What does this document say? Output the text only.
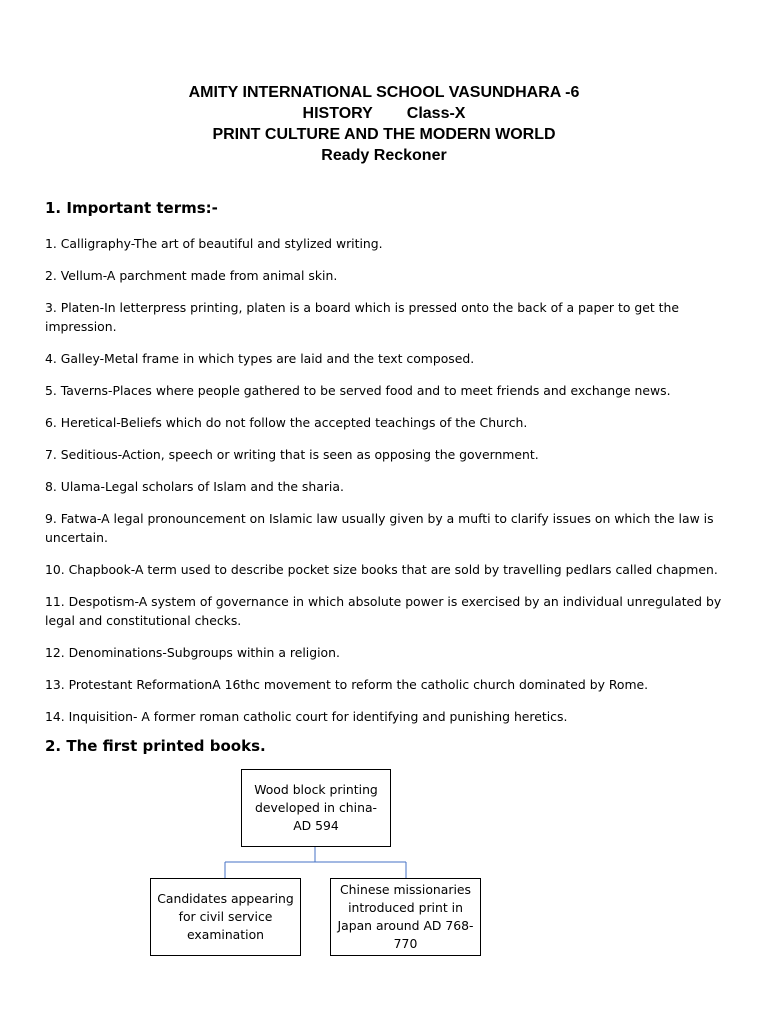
AMITY INTERNATIONAL SCHOOL VASUNDHARA -6
HISTORY Class-X
PRINT CULTURE AND THE MODERN WORLD
Ready Reckoner
1. Important terms:-
1. Calligraphy-The art of beautiful and stylized writing.
2. Vellum-A parchment made from animal skin.
3. Platen-In letterpress printing, platen is a board which is pressed onto the back of a paper to get the impression.
4. Galley-Metal frame in which types are laid and the text composed.
5. Taverns-Places where people gathered to be served food and to meet friends and exchange news.
6. Heretical-Beliefs which do not follow the accepted teachings of the Church.
7. Seditious-Action, speech or writing that is seen as opposing the government.
8. Ulama-Legal scholars of Islam and the sharia.
9. Fatwa-A legal pronouncement on Islamic law usually given by a mufti to clarify issues on which the law is uncertain.
10. Chapbook-A term used to describe pocket size books that are sold by travelling pedlars called chapmen.
11. Despotism-A system of governance in which absolute power is exercised by an individual unregulated by legal and constitutional checks.
12. Denominations-Subgroups within a religion.
13. Protestant ReformationA 16thc movement to reform the catholic church dominated by Rome.
14. Inquisition- A former roman catholic court for identifying and punishing heretics.
2. The first printed books.
Wood block printing developed in china-AD 594
Candidates appearing for civil service examination
Chinese missionaries introduced print in Japan around AD 768-770
